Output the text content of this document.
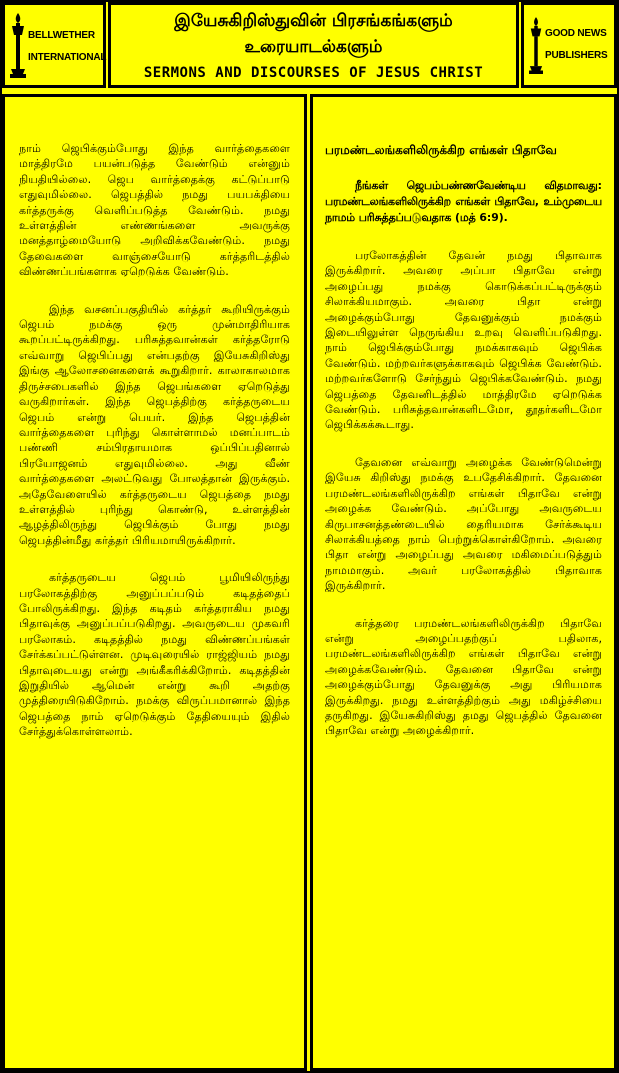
BELLWETHER
INTERNATIONAL
இயேசுகிறிஸ்துவின் பிரசங்கங்களும்
உரையாடல்களும்
SERMONS AND DISCOURSES OF JESUS CHRIST
GOOD NEWS
PUBLISHERS

நாம் ஜெபிக்கும்போது இந்த வார்த்தைகளை மாத்திரமே பயன்படுத்த வேண்டும் என்னும் நியதியில்லை. ஜெப வார்த்தைக்கு கட்டுப்பாடு எதுவுமில்லை. ஜெபத்தில் நமது பயபக்தியை கர்த்தருக்கு வெளிப்படுத்த வேண்டும். நமது உள்ளத்தின் எண்ணங்களை அவருக்கு மனத்தாழ்மையோடு அறிவிக்கவேண்டும். நமது தேவைகளை வாஞ்சையோடு கர்த்தரிடத்தில் விண்ணப்பங்களாக ஏறெடுக்க வேண்டும்.

இந்த வசனப்பகுதியில் கர்த்தர் கூறியிருக்கும் ஜெபம் நமக்கு ஒரு முன்மாதிரியாக கூறப்பட்டிருக்கிறது. பரிசுத்தவான்கள் கர்த்தரோடு எவ்வாறு ஜெபிப்பது என்பதற்கு இயேசுகிறிஸ்து இங்கு ஆலோசனைகளைக் கூறுகிறார். காலாகாலமாக திருச்சபைகளில் இந்த ஜெபங்களை ஏறெடுத்து வருகிறார்கள். இந்த ஜெபத்திற்கு கர்த்தருடைய ஜெபம் என்று பெயர். இந்த ஜெபத்தின் வார்த்தைகளை புரிந்து கொள்ளாமல் மனப்பாடம் பண்ணி சம்பிரதாயமாக ஒப்பிப்பதினால் பிரயோஜனம் எதுவுமில்லை. அது வீண் வார்த்தைகளை அலட்டுவது போலத்தான் இருக்கும். அதேவேளையில் கர்த்தருடைய ஜெபத்தை நமது உள்ளத்தில் புரிந்து கொண்டு, உள்ளத்தின் ஆழத்திலிருந்து ஜெபிக்கும் போது நமது ஜெபத்தின்மீது கர்த்தர் பிரியமாயிருக்கிறார்.

கர்த்தருடைய ஜெபம் பூமியிலிருந்து பரலோகத்திற்கு அனுப்பப்படும் கடிதத்தைப் போலிருக்கிறது. இந்த கடிதம் கர்த்தராகிய நமது பிதாவுக்கு அனுப்பப்படுகிறது. அவருடைய முகவரி பரலோகம். கடிதத்தில் நமது விண்ணப்பங்கள் சேர்க்கப்பட்டுள்ளன. முடிவுரையில் ராஜ்ஜியம் நமது பிதாவுடையது என்று அங்கீகரிக்கிறோம். கடிதத்தின் இறுதியில் ஆமென் என்று கூறி அதற்கு முத்திரையிடுகிறோம். நமக்கு விருப்பமானால் இந்த ஜெபத்தை நாம் ஏறெடுக்கும் தேதியையும் இதில் சேர்த்துக்கொள்ளலாம்.

பரமண்டலங்களிலிருக்கிற எங்கள் பிதாவே
நீங்கள் ஜெபம்பண்ணவேண்டிய விதமாவது: பரமண்டலங்களிலிருக்கிற எங்கள் பிதாவே, உம்முடைய நாமம் பரிசுத்தப்படுவதாக (மத் 6:9).

பரலோகத்தின் தேவன் நமது பிதாவாக இருக்கிறார். அவரை அப்பா பிதாவே என்று அழைப்பது நமக்கு கொடுக்கப்பட்டிருக்கும் சிலாக்கியமாகும். அவரை பிதா என்று அழைக்கும்போது தேவனுக்கும் நமக்கும் இடையிலுள்ள நெருங்கிய உறவு வெளிப்படுகிறது. நாம் ஜெபிக்கும்போது நமக்காகவும் ஜெபிக்க வேண்டும். மற்றவர்களுக்காகவும் ஜெபிக்க வேண்டும். மற்றவர்களோடு சேர்ந்தும் ஜெபிக்கவேண்டும். நமது ஜெபத்தை தேவனிடத்தில் மாத்திரமே ஏறெடுக்க வேண்டும். பரிசுத்தவான்களிடமோ, தூதர்களிடமோ ஜெபிக்கக்கூடாது.

தேவனை எவ்வாறு அழைக்க வேண்டுமென்று இயேசு கிறிஸ்து நமக்கு உபதேசிக்கிறார். தேவனை பரமண்டலங்களிலிருக்கிற எங்கள் பிதாவே என்று அழைக்க வேண்டும். அப்போது அவருடைய கிருபாசனத்தண்டையில் தைரியமாக சேர்க்கூடிய சிலாக்கியத்தை நாம் பெற்றுக்கொள்கிறோம். அவரை பிதா என்று அழைப்பது அவரை மகிமைப்படுத்தும் நாமமாகும். அவர் பரலோகத்தில் பிதாவாக இருக்கிறார்.

கர்த்தரை பரமண்டலங்களிலிருக்கிற பிதாவே என்று அழைப்பதற்குப் பதிலாக, பரமண்டலங்களிலிருக்கிற எங்கள் பிதாவே என்று அழைக்கவேண்டும். தேவனை பிதாவே என்று அழைக்கும்போது தேவனுக்கு அது பிரியமாக இருக்கிறது. நமது உள்ளத்திற்கும் அது மகிழ்ச்சியை தருகிறது. இயேசுகிறிஸ்து தமது ஜெபத்தில் தேவனை பிதாவே என்று அழைக்கிறார்.
